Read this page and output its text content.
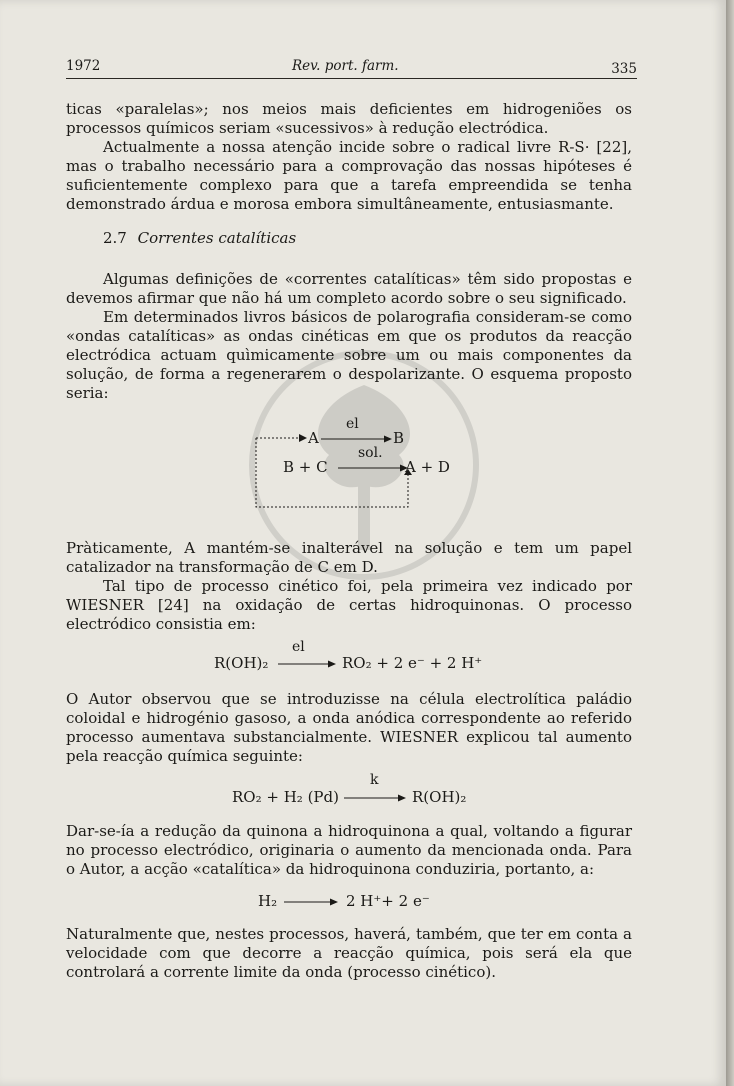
1972	Rev. port. farm.	335

ticas «paralelas»; nos meios mais deficientes em hidrogeniões os processos químicos seriam «sucessivos» à redução electródica.

Actualmente a nossa atenção incide sobre o radical livre R-S· [22], mas o trabalho necessário para a comprovação das nossas hipóteses é suficientemente complexo para que a tarefa empreendida se tenha demonstrado árdua e morosa embora simultâneamente, entusiasmante.

2.7 Correntes catalíticas

Algumas definições de «correntes catalíticas» têm sido propostas e devemos afirmar que não há um completo acordo sobre o seu significado.

Em determinados livros básicos de polarografia consideram-se como «ondas catalíticas» as ondas cinéticas em que os produtos da reacção electródica actuam quìmicamente sobre um ou mais componentes da solução, de forma a regenerarem o despolarizante. O esquema proposto seria:

A
el
B
B + C
sol.
A + D

Pràticamente, A mantém-se inalterável na solução e tem um papel catalizador na transformação de C em D.

Tal tipo de processo cinético foi, pela primeira vez indicado por WIESNER [24] na oxidação de certas hidroquinonas. O processo electródico consistia em:

R(OH)₂
el
RO₂ + 2 e⁻ + 2 H⁺

O Autor observou que se introduzisse na célula electrolítica paládio coloidal e hidrogénio gasoso, a onda anódica correspondente ao referido processo aumentava substancialmente. WIESNER explicou tal aumento pela reacção química seguinte:

RO₂ + H₂ (Pd)
k
R(OH)₂

Dar-se-ía a redução da quinona a hidroquinona a qual, voltando a figurar no processo electródico, originaria o aumento da mencionada onda. Para o Autor, a acção «catalítica» da hidroquinona conduziria, portanto, a:

H₂	2 H⁺+ 2 e⁻

Naturalmente que, nestes processos, haverá, também, que ter em conta a velocidade com que decorre a reacção química, pois será ela que controlará a corrente limite da onda (processo cinético).
